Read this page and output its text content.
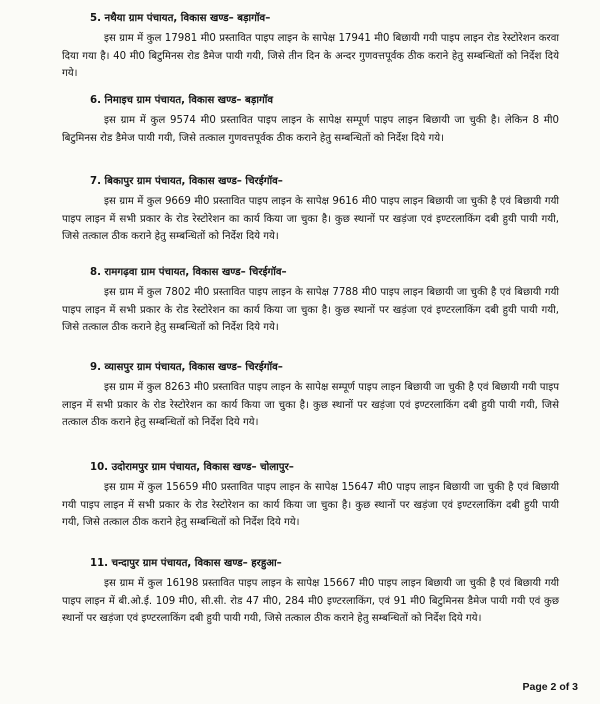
5. नथैया ग्राम पंचायत, विकास खण्ड– बड़ागॉव–

इस ग्राम में कुल 17981 मी0 प्रस्तावित पाइप लाइन के सापेक्ष 17941 मी0 बिछायी गयी पाइप लाइन रोड रेस्टोरेशन करवा दिया गया है। 40 मी0 बिटुमिनस रोड डैमेज पायी गयी, जिसे तीन दिन के अन्दर गुणवत्तपूर्वक ठीक कराने हेतु सम्बन्धितों को निर्देश दिये गये।

6. निमाइच ग्राम पंचायत, विकास खण्ड– बड़ागॉव

इस ग्राम में कुल 9574 मी0 प्रस्तावित पाइप लाइन के सापेक्ष सम्पूर्ण पाइप लाइन बिछायी जा चुकी है। लेकिन 8 मी0 बिटुमिनस रोड डैमेज पायी गयी, जिसे तत्काल गुणवत्तपूर्वक ठीक कराने हेतु सम्बन्धितों को निर्देश दिये गये।

7. बिकापुर ग्राम पंचायत, विकास खण्ड– चिरईगॉव–

इस ग्राम में कुल 9669 मी0 प्रस्तावित पाइप लाइन के सापेक्ष 9616 मी0 पाइप लाइन बिछायी जा चुकी है एवं बिछायी गयी पाइप लाइन में सभी प्रकार के रोड रेस्टोरेशन का कार्य किया जा चुका है। कुछ स्थानों पर खड़ंजा एवं इण्टरलाकिंग दबी हुयी पायी गयी, जिसे तत्काल ठीक कराने हेतु सम्बन्धितों को निर्देश दिये गये।

8. रामगढ़वा ग्राम पंचायत, विकास खण्ड– चिरईगॉव–

इस ग्राम में कुल 7802 मी0 प्रस्तावित पाइप लाइन के सापेक्ष 7788 मी0 पाइप लाइन बिछायी जा चुकी है एवं बिछायी गयी पाइप लाइन में सभी प्रकार के रोड रेस्टोरेशन का कार्य किया जा चुका है। कुछ स्थानों पर खड़ंजा एवं इण्टरलाकिंग दबी हुयी पायी गयी, जिसे तत्काल ठीक कराने हेतु सम्बन्धितों को निर्देश दिये गये।

9. व्यासपुर ग्राम पंचायत, विकास खण्ड– चिरईगॉव–

इस ग्राम में कुल 8263 मी0 प्रस्तावित पाइप लाइन के सापेक्ष सम्पूर्ण पाइप लाइन बिछायी जा चुकी है एवं बिछायी गयी पाइप लाइन में सभी प्रकार के रोड रेस्टोरेशन का कार्य किया जा चुका है। कुछ स्थानों पर खड़ंजा एवं इण्टरलाकिंग दबी हुयी पायी गयी, जिसे तत्काल ठीक कराने हेतु सम्बन्धितों को निर्देश दिये गये।

10. उदोरामपुर ग्राम पंचायत, विकास खण्ड– चोलापुर–

इस ग्राम में कुल 15659 मी0 प्रस्तावित पाइप लाइन के सापेक्ष 15647 मी0 पाइप लाइन बिछायी जा चुकी है एवं बिछायी गयी पाइप लाइन में सभी प्रकार के रोड रेस्टोरेशन का कार्य किया जा चुका है। कुछ स्थानों पर खड़ंजा एवं इण्टरलाकिंग दबी हुयी पायी गयी, जिसे तत्काल ठीक कराने हेतु सम्बन्धितों को निर्देश दिये गये।

11. चन्दापुर ग्राम पंचायत, विकास खण्ड– हरहुआ–

इस ग्राम में कुल 16198 प्रस्तावित पाइप लाइन के सापेक्ष 15667 मी0 पाइप लाइन बिछायी जा चुकी है एवं बिछायी गयी पाइप लाइन में बी.ओ.ई. 109 मी0, सी.सी. रोड 47 मी0, 284 मी0 इण्टरलाकिंग, एवं 91 मी0 बिटुमिनस डैमेज पायी गयी एवं कुछ स्थानों पर खड़ंजा एवं इण्टरलाकिंग दबी हुयी पायी गयी, जिसे तत्काल ठीक कराने हेतु सम्बन्धितों को निर्देश दिये गये।

Page 2 of 3
